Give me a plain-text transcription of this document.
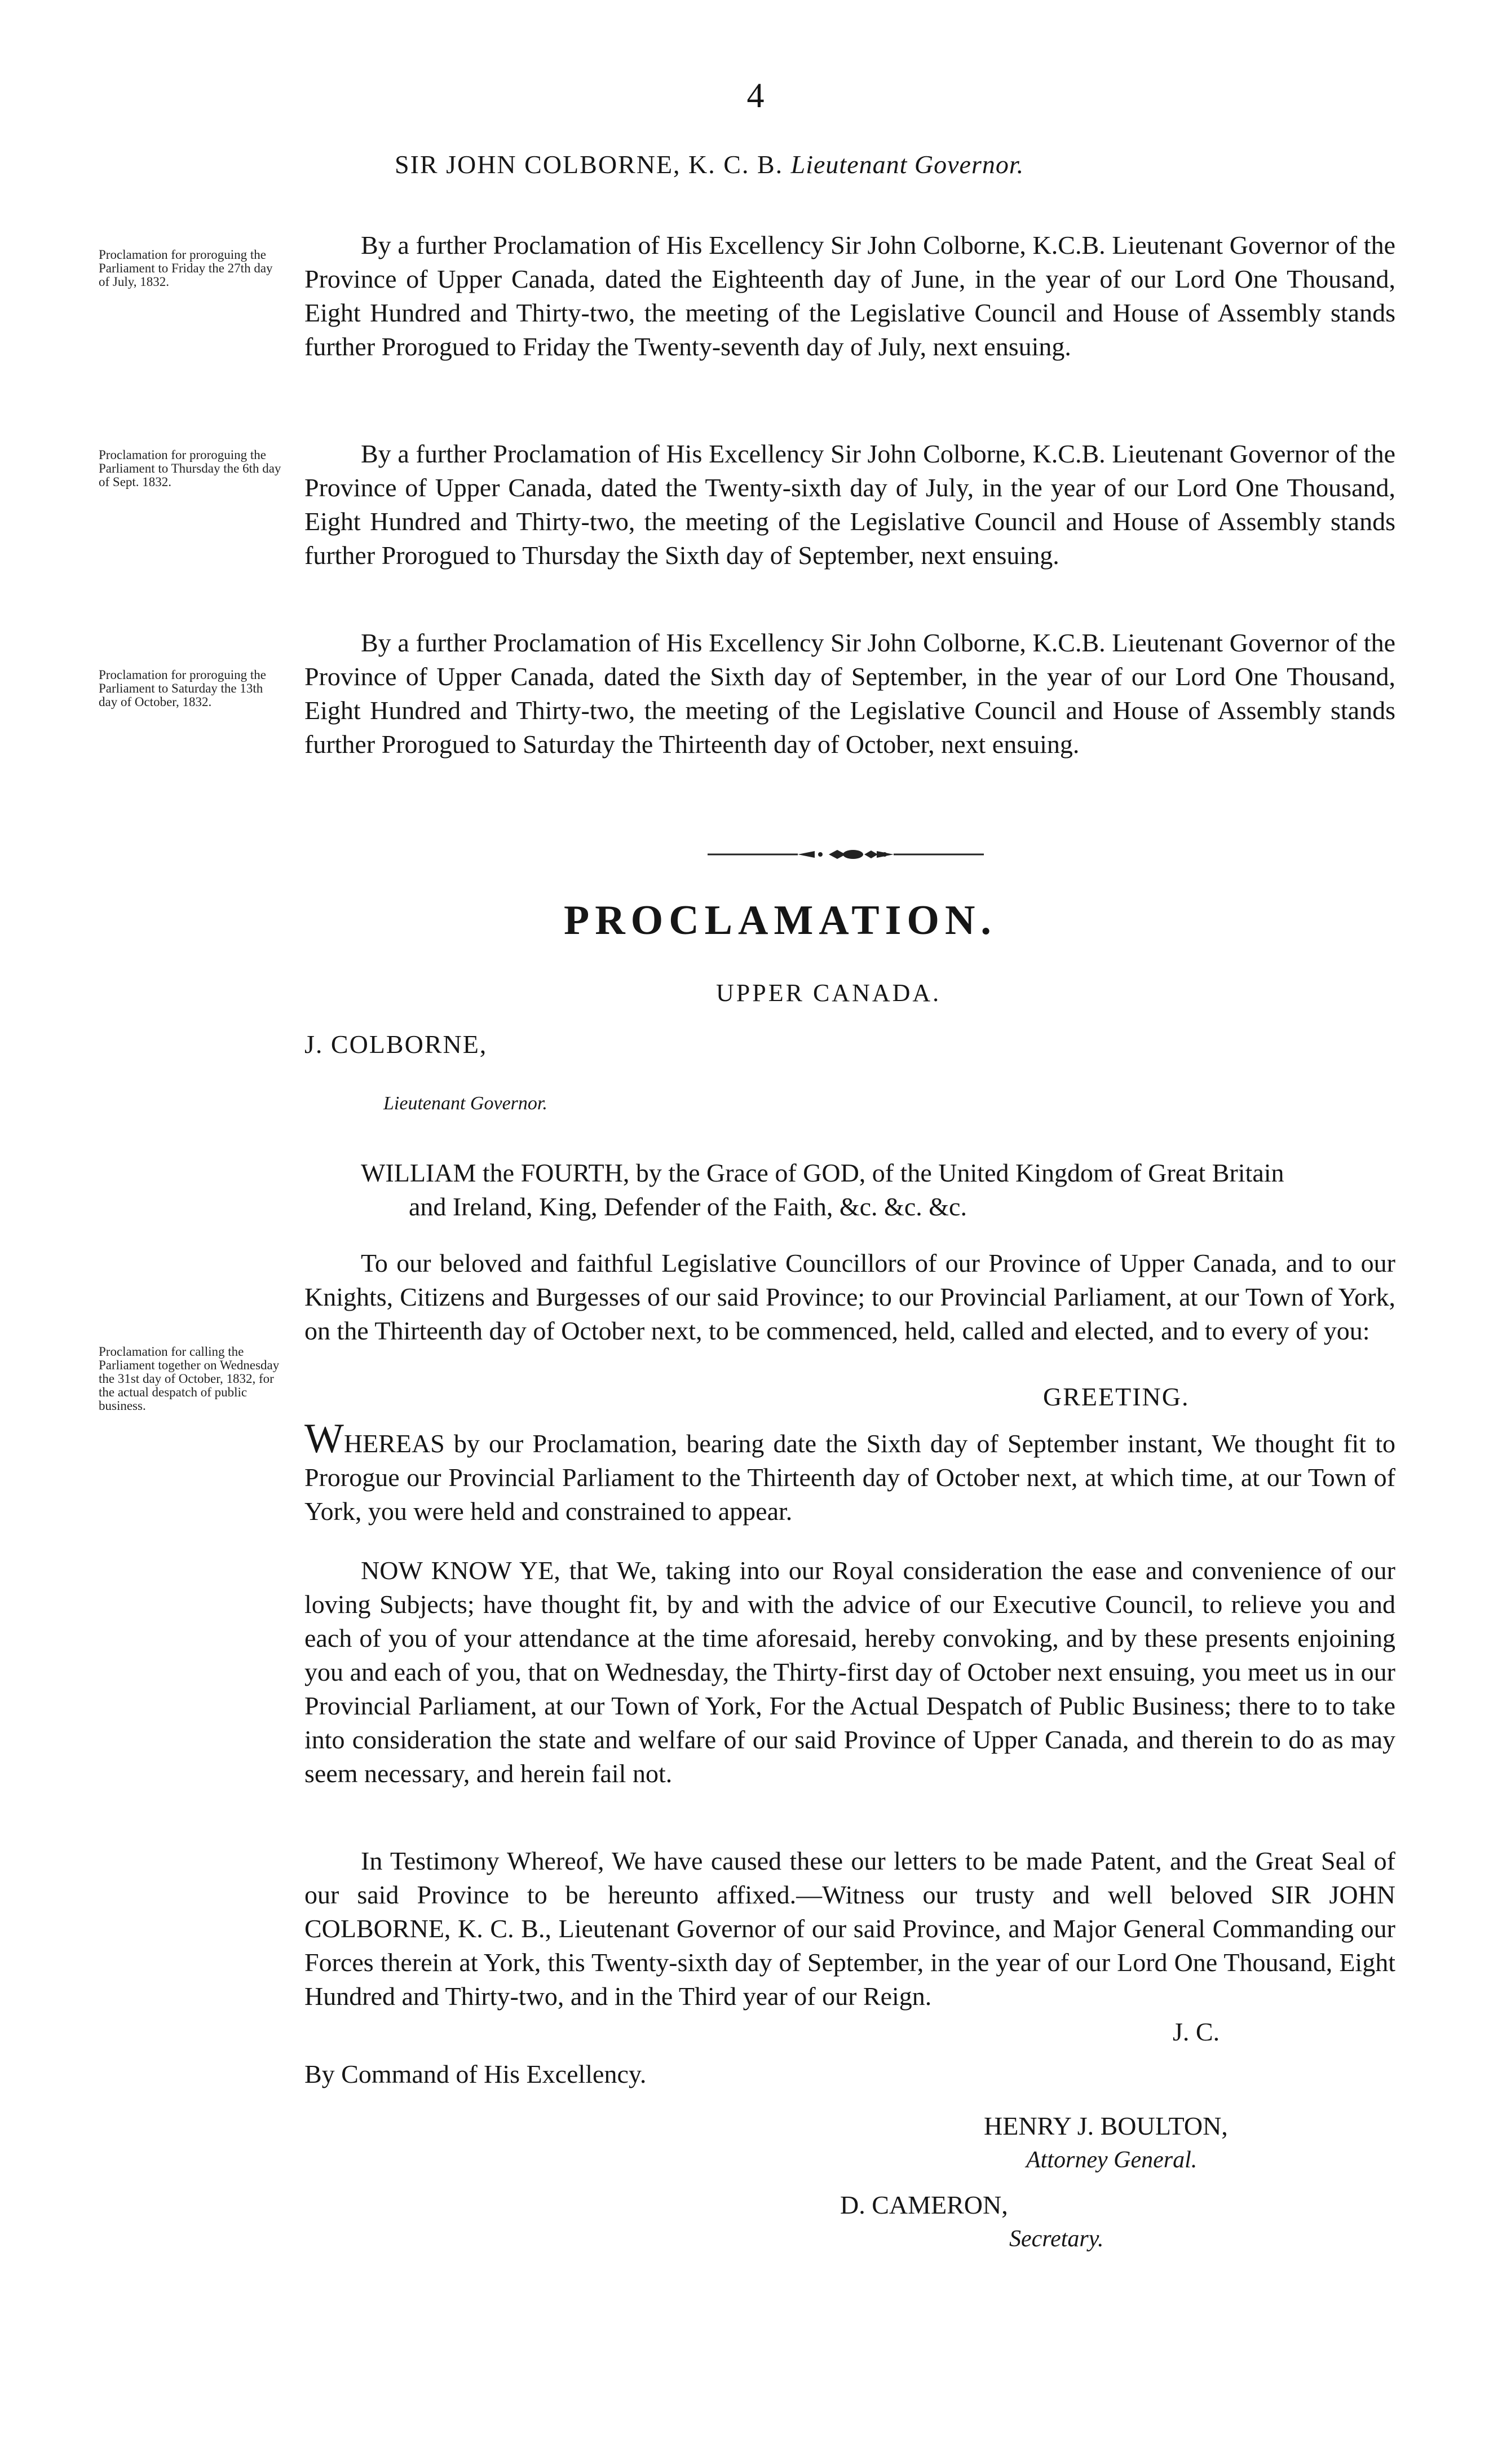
4
SIR JOHN COLBORNE, K. C. B. Lieutenant Governor.

Proclamation for proroguing the Parliament to Friday the 27th day of July, 1832.

By a further Proclamation of His Excellency Sir John Colborne, K.C.B. Lieutenant Governor of the Province of Upper Canada, dated the Eighteenth day of June, in the year of our Lord One Thousand, Eight Hundred and Thirty-two, the meeting of the Legislative Council and House of Assembly stands further Prorogued to Friday the Twenty-seventh day of July, next ensuing.

Proclamation for proroguing the Parliament to Thursday the 6th day of Sept. 1832.

By a further Proclamation of His Excellency Sir John Colborne, K.C.B. Lieutenant Governor of the Province of Upper Canada, dated the Twenty-sixth day of July, in the year of our Lord One Thousand, Eight Hundred and Thirty-two, the meeting of the Legislative Council and House of Assembly stands further Prorogued to Thursday the Sixth day of September, next ensuing.

Proclamation for proroguing the Parliament to Saturday the 13th day of October, 1832.

By a further Proclamation of His Excellency Sir John Colborne, K.C.B. Lieutenant Governor of the Province of Upper Canada, dated the Sixth day of September, in the year of our Lord One Thousand, Eight Hundred and Thirty-two, the meeting of the Legislative Council and House of Assembly stands further Prorogued to Saturday the Thirteenth day of October, next ensuing.

PROCLAMATION.
UPPER CANADA.
J. COLBORNE,
Lieutenant Governor.

WILLIAM the FOURTH, by the Grace of GOD, of the United Kingdom of Great Britain

and Ireland, King, Defender of the Faith, &c. &c. &c.

To our beloved and faithful Legislative Councillors of our Province of Upper Canada, and to our Knights, Citizens and Burgesses of our said Province; to our Provincial Parliament, at our Town of York, on the Thirteenth day of October next, to be commenced, held, called and elected, and to every of you:

GREETING.

Proclamation for calling the Parliament together on Wednesday the 31st day of October, 1832, for the actual despatch of public business.

WHEREAS by our Proclamation, bearing date the Sixth day of September instant, We thought fit to Prorogue our Provincial Parliament to the Thirteenth day of October next, at which time, at our Town of York, you were held and constrained to appear.

NOW KNOW YE, that We, taking into our Royal consideration the ease and convenience of our loving Subjects; have thought fit, by and with the advice of our Executive Council, to relieve you and each of you of your attendance at the time aforesaid, hereby convoking, and by these presents enjoining you and each of you, that on Wednesday, the Thirty-first day of October next ensuing, you meet us in our Provincial Parliament, at our Town of York, For the Actual Despatch of Public Business; there to to take into consideration the state and welfare of our said Province of Upper Canada, and therein to do as may seem necessary, and herein fail not.

In Testimony Whereof, We have caused these our letters to be made Patent, and the Great Seal of our said Province to be hereunto affixed.—Witness our trusty and well beloved SIR JOHN COLBORNE, K. C. B., Lieutenant Governor of our said Province, and Major General Commanding our Forces therein at York, this Twenty-sixth day of September, in the year of our Lord One Thousand, Eight Hundred and Thirty-two, and in the Third year of our Reign.

J. C.

By Command of His Excellency.

HENRY J. BOULTON,

Attorney General.

D. CAMERON,

Secretary.
